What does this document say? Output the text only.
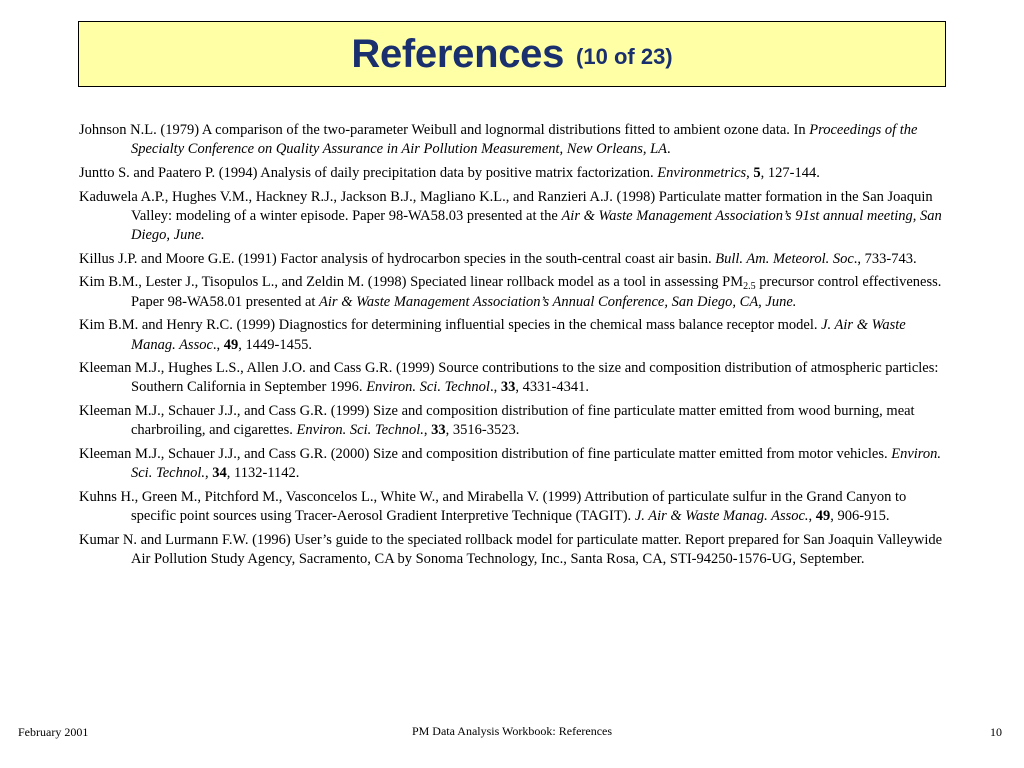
References (10 of 23)

Johnson N.L. (1979) A comparison of the two-parameter Weibull and lognormal distributions fitted to ambient ozone data. In Proceedings of the Specialty Conference on Quality Assurance in Air Pollution Measurement, New Orleans, LA.

Juntto S. and Paatero P. (1994) Analysis of daily precipitation data by positive matrix factorization. Environmetrics, 5, 127-144.

Kaduwela A.P., Hughes V.M., Hackney R.J., Jackson B.J., Magliano K.L., and Ranzieri A.J. (1998) Particulate matter formation in the San Joaquin Valley: modeling of a winter episode. Paper 98-WA58.03 presented at the Air & Waste Management Association’s 91st annual meeting, San Diego, June.

Killus J.P. and Moore G.E. (1991) Factor analysis of hydrocarbon species in the south-central coast air basin. Bull. Am. Meteorol. Soc., 733-743.

Kim B.M., Lester J., Tisopulos L., and Zeldin M. (1998) Speciated linear rollback model as a tool in assessing $PM_{2.5}$ precursor control effectiveness. Paper 98-WA58.01 presented at Air & Waste Management Association’s Annual Conference, San Diego, CA, June.

Kim B.M. and Henry R.C. (1999) Diagnostics for determining influential species in the chemical mass balance receptor model. J. Air & Waste Manag. Assoc., 49, 1449-1455.

Kleeman M.J., Hughes L.S., Allen J.O. and Cass G.R. (1999) Source contributions to the size and composition distribution of atmospheric particles: Southern California in September 1996. Environ. Sci. Technol., 33, 4331-4341.

Kleeman M.J., Schauer J.J., and Cass G.R. (1999) Size and composition distribution of fine particulate matter emitted from wood burning, meat charbroiling, and cigarettes. Environ. Sci. Technol., 33, 3516-3523.

Kleeman M.J., Schauer J.J., and Cass G.R. (2000) Size and composition distribution of fine particulate matter emitted from motor vehicles. Environ. Sci. Technol., 34, 1132-1142.

Kuhns H., Green M., Pitchford M., Vasconcelos L., White W., and Mirabella V. (1999) Attribution of particulate sulfur in the Grand Canyon to specific point sources using Tracer-Aerosol Gradient Interpretive Technique (TAGIT). J. Air & Waste Manag. Assoc., 49, 906-915.

Kumar N. and Lurmann F.W. (1996) User’s guide to the speciated rollback model for particulate matter. Report prepared for San Joaquin Valleywide Air Pollution Study Agency, Sacramento, CA by Sonoma Technology, Inc., Santa Rosa, CA, STI-94250-1576-UG, September.

February 2001	PM Data Analysis Workbook: References	10
